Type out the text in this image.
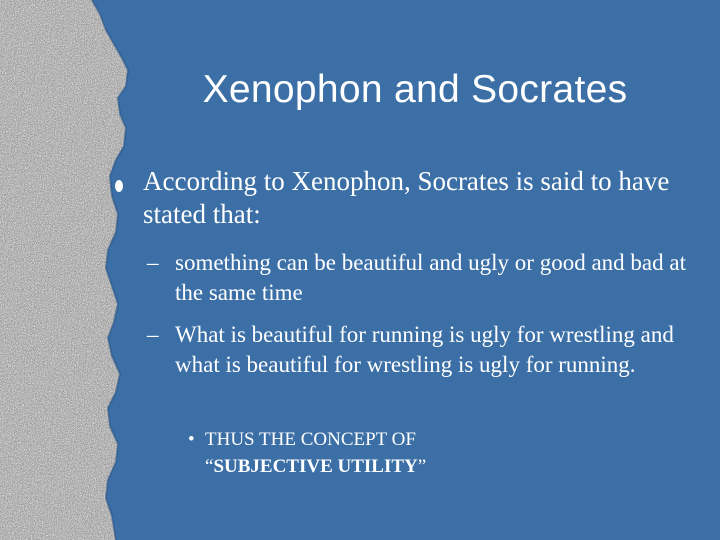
Xenophon and Socrates
According to Xenophon, Socrates is said to have stated that:
– something can be beautiful and ugly or good and bad at the same time
– What is beautiful for running is ugly for wrestling and what is beautiful for wrestling is ugly for running.
• THUS THE CONCEPT OF
“SUBJECTIVE UTILITY”
